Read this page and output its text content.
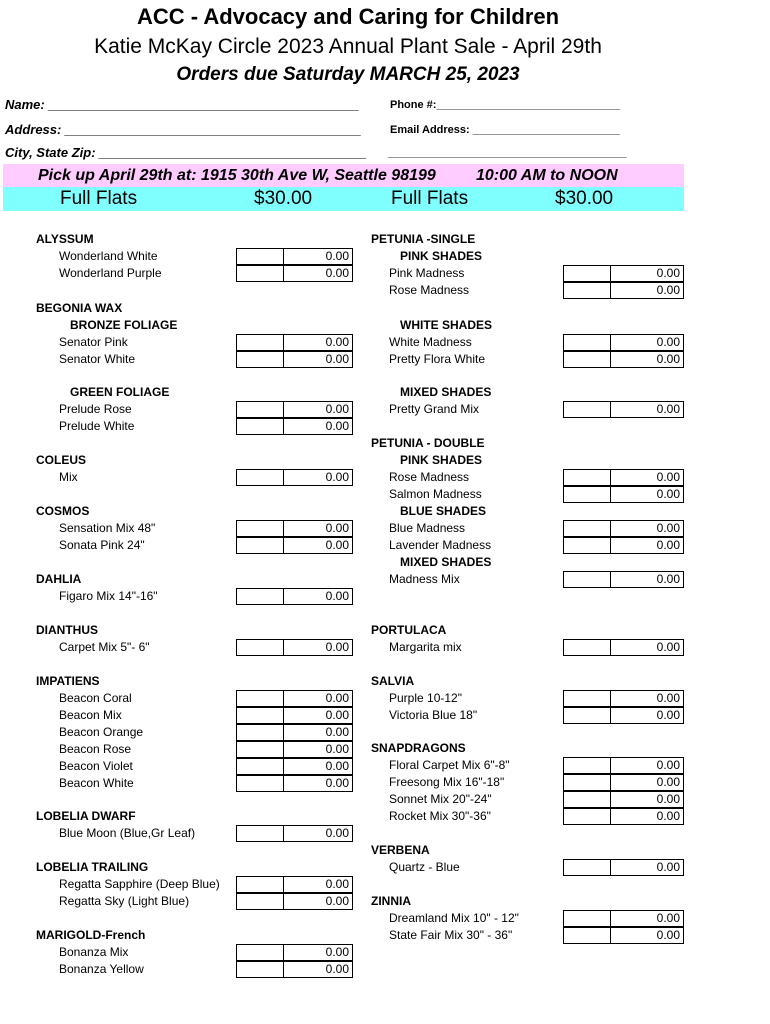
ACC - Advocacy and Caring for Children
Katie McKay Circle 2023 Annual Plant Sale - April 29th
Orders due Saturday MARCH 25, 2023
Name: ___________________________________________
Address: _________________________________________
City, State Zip: _____________________________________
Phone #:______________________________
Email Address: ________________________
_______________________________________
Pick up April 29th at: 1915 30th Ave W, Seattle 98199	10:00 AM to NOON
Full Flats	$30.00	Full Flats	$30.00
ALYSSUM
Wonderland White	0.00
Wonderland Purple	0.00
BEGONIA WAX
BRONZE FOLIAGE
Senator Pink	0.00
Senator White	0.00
GREEN FOLIAGE
Prelude Rose	0.00
Prelude White	0.00
COLEUS
Mix	0.00
COSMOS
Sensation Mix 48"	0.00
Sonata Pink 24"	0.00
DAHLIA
Figaro Mix 14"-16"	0.00
DIANTHUS
Carpet Mix 5"- 6"	0.00
IMPATIENS
Beacon Coral	0.00
Beacon Mix	0.00
Beacon Orange	0.00
Beacon Rose	0.00
Beacon Violet	0.00
Beacon White	0.00
LOBELIA DWARF
Blue Moon (Blue,Gr Leaf)	0.00
LOBELIA TRAILING
Regatta Sapphire (Deep Blue)	0.00
Regatta Sky (Light Blue)	0.00
MARIGOLD-French
Bonanza Mix	0.00
Bonanza Yellow	0.00
PETUNIA -SINGLE
PINK SHADES
Pink Madness	0.00
Rose Madness	0.00
WHITE SHADES
White Madness	0.00
Pretty Flora White	0.00
MIXED SHADES
Pretty Grand Mix	0.00
PETUNIA - DOUBLE
PINK SHADES
Rose Madness	0.00
Salmon Madness	0.00
BLUE SHADES
Blue Madness	0.00
Lavender Madness	0.00
MIXED SHADES
Madness Mix	0.00
PORTULACA
Margarita mix	0.00
SALVIA
Purple 10-12"	0.00
Victoria Blue 18"	0.00
SNAPDRAGONS
Floral Carpet Mix 6"-8"	0.00
Freesong Mix 16"-18"	0.00
Sonnet Mix 20"-24"	0.00
Rocket Mix 30"-36"	0.00
VERBENA
Quartz - Blue	0.00
ZINNIA
Dreamland Mix 10" - 12"	0.00
State Fair Mix 30" - 36"	0.00
